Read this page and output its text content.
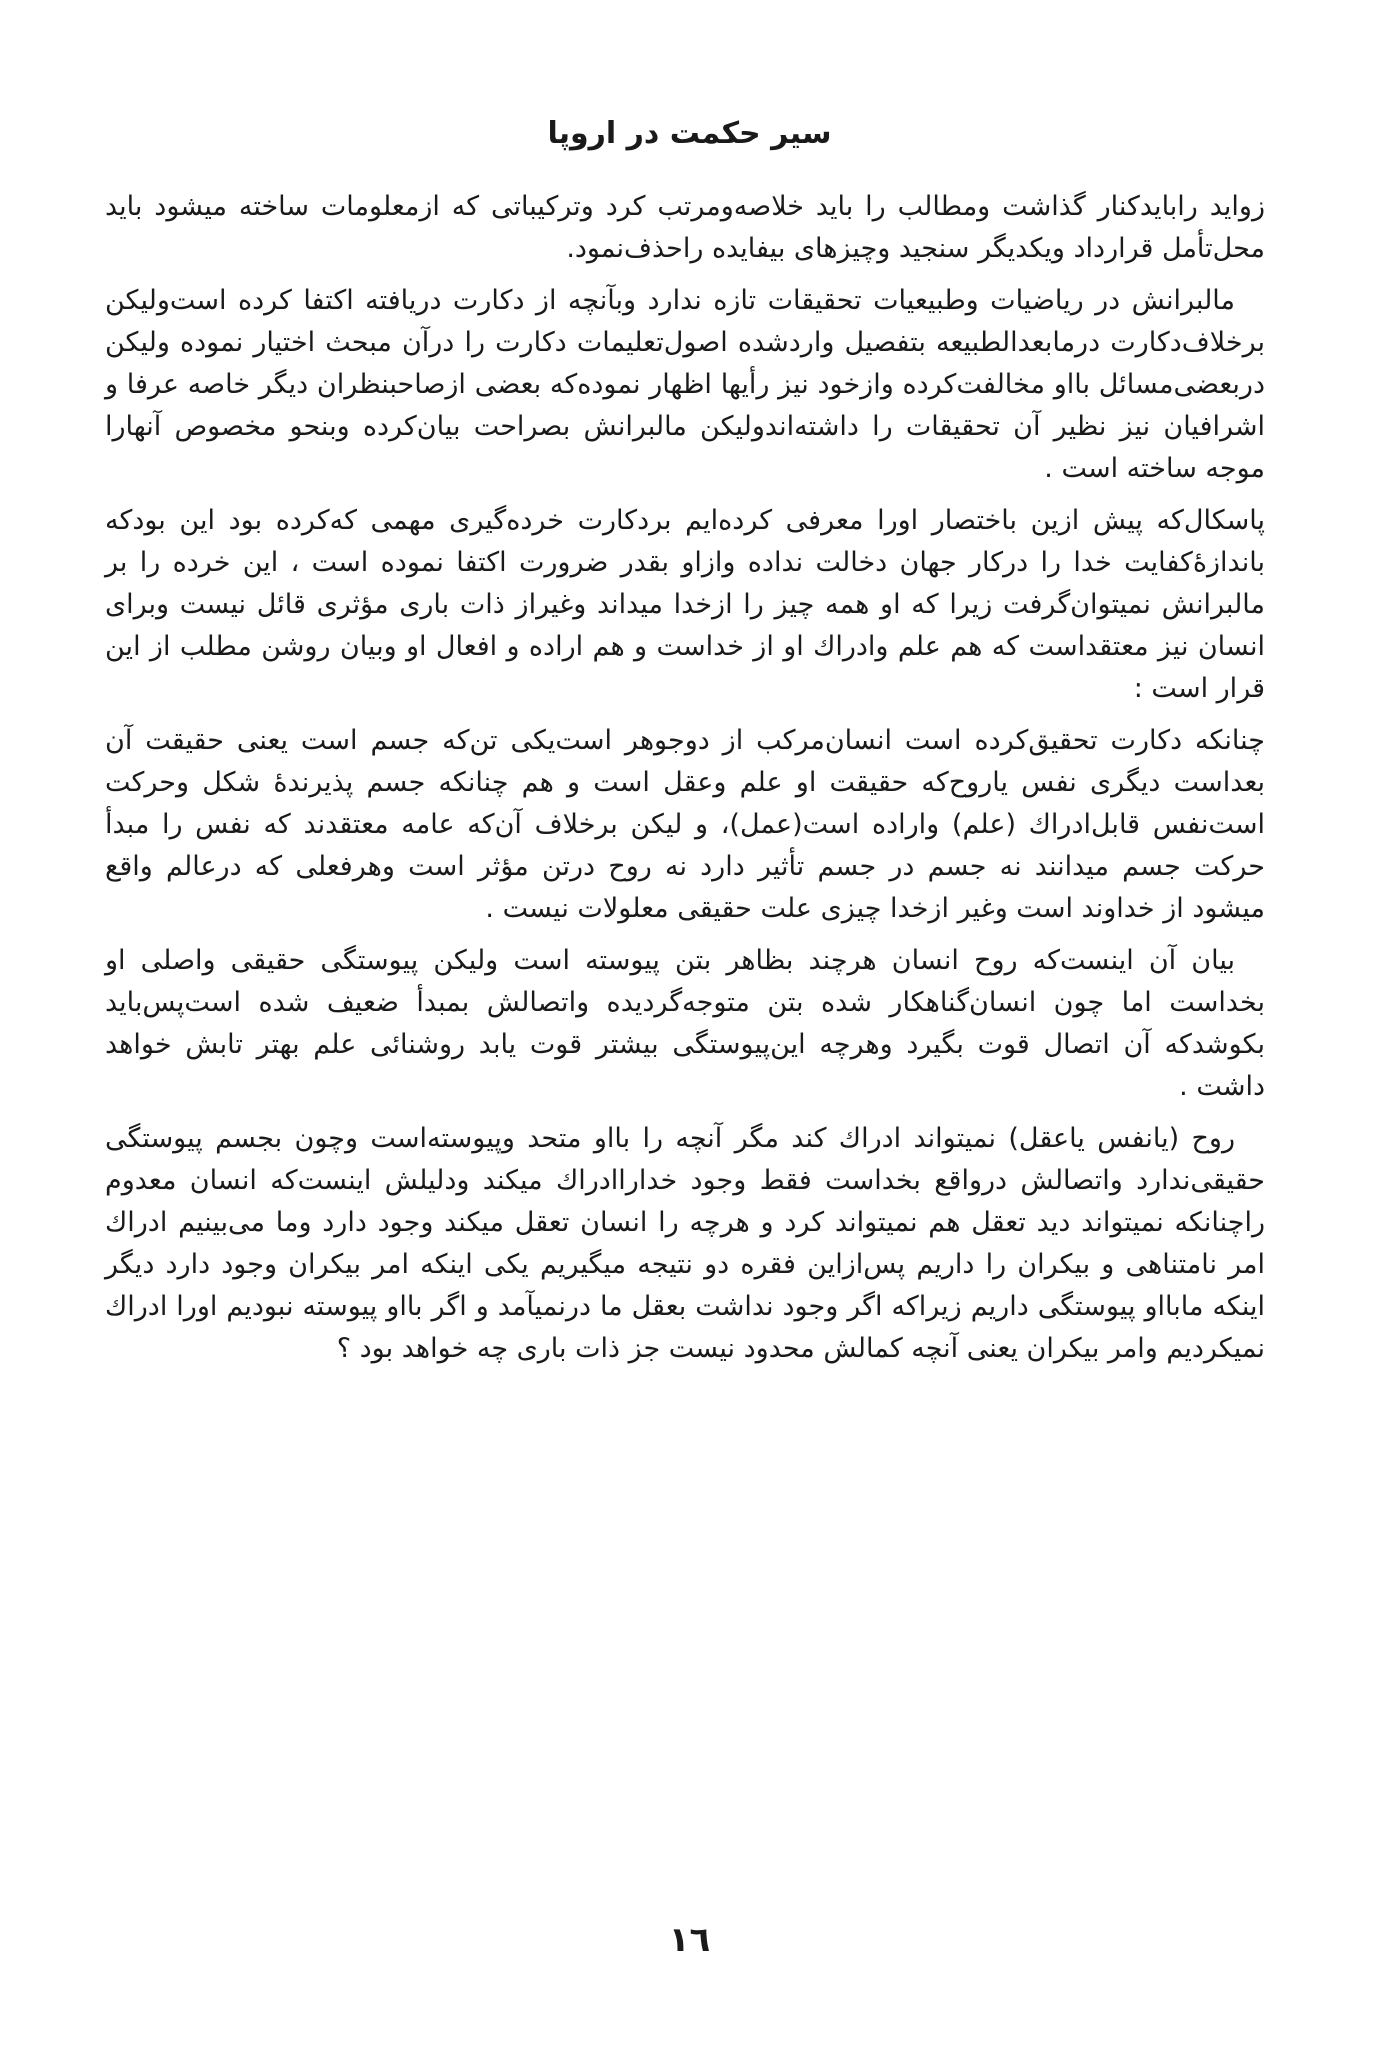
سیر حکمت در اروپا

زواید رابایدکنار گذاشت ومطالب را باید خلاصه‌ومرتب کرد وترکیباتی که ازمعلومات ساخته میشود باید محل‌تأمل قرارداد ویکدیگر سنجید وچیزهای بیفایده راحذف‌نمود.

مالبرانش در ریاضیات وطبیعیات تحقیقات تازه ندارد وبآنچه از دکارت دریافته اکتفا کرده است‌ولیکن برخلاف‌دکارت درمابعدالطبیعه بتفصیل وارد‌شده اصول‌تعلیمات دکارت را درآن مبحث اختیار نموده ولیکن دربعضی‌مسائل بااو مخالفت‌کرده وازخود نیز رأیها اظهار نموده‌که بعضی ازصاحبنظران دیگر خاصه عرفا و اشرافیان نیز نظیر آن تحقیقات را داشته‌اندولیکن مالبرانش بصراحت بیان‌کرده وبنحو مخصوص آنهارا موجه ساخته است .

پاسکال‌که پیش ازین باختصار اورا معرفی کرده‌ایم بردکارت خرده‌گیری مهمی که‌کرده بود این بودکه باندازهٔ‌کفایت خدا را درکار جهان دخالت نداده وازاو بقدر ضرورت اکتفا نموده است ، این خرده را بر مالبرانش نمیتوان‌گرفت زیرا که او همه چیز را ازخدا میداند وغیراز ذات باری مؤثری قائل نیست وبرای انسان نیز معتقداست که هم علم وادراك او از خداست و هم اراده و افعال او وبیان روشن مطلب از این قرار است :

چنانکه دکارت تحقیق‌کرده است انسان‌مرکب از دوجوهر است‌یکی تن‌که جسم است یعنی حقیقت آن بعداست دیگری نفس یاروح‌که حقیقت او علم وعقل است و هم چنانکه جسم پذیرندهٔ شکل وحرکت است‌نفس قابل‌ادراك (علم) واراده است(عمل)، و لیکن برخلاف آن‌که عامه معتقدند که نفس را مبدأ حرکت جسم میدانند نه جسم در جسم تأثیر دارد نه روح درتن مؤثر است وهرفعلی که درعالم واقع میشود از خداوند است وغیر ازخدا چیزی علت حقیقی معلولات نیست .

بیان آن اینست‌که روح انسان هرچند بظاهر بتن پیوسته است ولیکن پیوستگی حقیقی واصلی او بخداست اما چون انسان‌گناهکار شده بتن متوجه‌گردیده واتصالش بمبدأ ضعیف شده است‌پس‌باید بکوشدکه آن اتصال قوت بگیرد وهرچه این‌پیوستگی بیشتر قوت یابد روشنائی علم بهتر تابش خواهد داشت .

روح (یانفس یاعقل) نمیتواند ادراك کند مگر آنچه را بااو متحد وپیوسته‌است وچون بجسم پیوستگی حقیقی‌ندارد واتصالش درواقع بخداست فقط وجود خدارا‌ادراك میکند ودلیلش اینست‌که انسان معدوم راچنانکه نمیتواند دید تعقل هم نمیتواند کرد و هرچه را انسان تعقل میکند وجود دارد وما می‌بینیم ادراك امر نامتناهی و بیکران را داریم پس‌ازاین فقره دو نتیجه میگیریم یکی اینکه امر بیکران وجود دارد دیگر اینکه مابااو پیوستگی داریم زیراکه اگر وجود نداشت بعقل ما درنمیآمد و اگر بااو پیوسته نبودیم اورا ادراك نمیکردیم وامر بیکران یعنی آنچه کمالش محدود نیست جز ذات باری چه خواهد بود ؟

١٦
